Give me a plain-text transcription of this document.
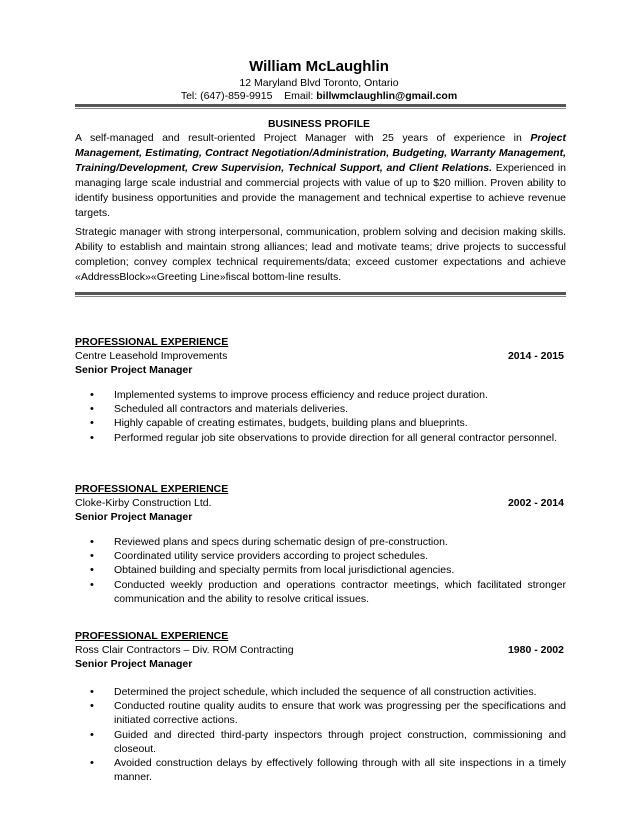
William McLaughlin
12 Maryland Blvd Toronto, Ontario
Tel: (647)-859-9915 Email: billwmclaughlin@gmail.com
BUSINESS PROFILE
A self-managed and result-oriented Project Manager with 25 years of experience in Project Management, Estimating, Contract Negotiation/Administration, Budgeting, Warranty Management, Training/Development, Crew Supervision, Technical Support, and Client Relations. Experienced in managing large scale industrial and commercial projects with value of up to $20 million. Proven ability to identify business opportunities and provide the management and technical expertise to achieve revenue targets.
Strategic manager with strong interpersonal, communication, problem solving and decision making skills. Ability to establish and maintain strong alliances; lead and motivate teams; drive projects to successful completion; convey complex technical requirements/data; exceed customer expectations and achieve «AddressBlock»«Greeting Line»fiscal bottom-line results.
PROFESSIONAL EXPERIENCE
Centre Leasehold Improvements	2014 - 2015
Senior Project Manager
• Implemented systems to improve process efficiency and reduce project duration.
• Scheduled all contractors and materials deliveries.
• Highly capable of creating estimates, budgets, building plans and blueprints.
• Performed regular job site observations to provide direction for all general contractor personnel.
PROFESSIONAL EXPERIENCE
Cloke-Kirby Construction Ltd.	2002 - 2014
Senior Project Manager
• Reviewed plans and specs during schematic design of pre-construction.
• Coordinated utility service providers according to project schedules.
• Obtained building and specialty permits from local jurisdictional agencies.
• Conducted weekly production and operations contractor meetings, which facilitated stronger communication and the ability to resolve critical issues.
PROFESSIONAL EXPERIENCE
Ross Clair Contractors – Div. ROM Contracting	1980 - 2002
Senior Project Manager
• Determined the project schedule, which included the sequence of all construction activities.
• Conducted routine quality audits to ensure that work was progressing per the specifications and initiated corrective actions.
• Guided and directed third-party inspectors through project construction, commissioning and closeout.
• Avoided construction delays by effectively following through with all site inspections in a timely manner.
